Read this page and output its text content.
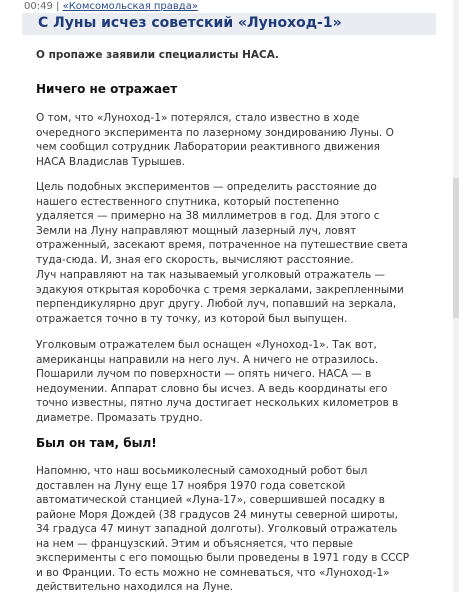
00:49 | «Комсомольская правда»
С Луны исчез советский «Луноход-1»
О пропаже заявили специалисты НАСА.
Ничего не отражает
О том, что «Луноход-1» потерялся, стало известно в ходе
очередного эксперимента по лазерному зондированию Луны. О
чем сообщил сотрудник Лаборатории реактивного движения
НАСА Владислав Турышев.
Цель подобных экспериментов — определить расстояние до
нашего естественного спутника, который постепенно
удаляется — примерно на 38 миллиметров в год. Для этого с
Земли на Луну направляют мощный лазерный луч, ловят
отраженный, засекают время, потраченное на путешествие света
туда-сюда. И, зная его скорость, вычисляют расстояние.
Луч направляют на так называемый уголковый отражатель —
эдакуюя открытая коробочка с тремя зеркалами, закрепленными
перпендикулярно друг другу. Любой луч, попавший на зеркала,
отражается точно в ту точку, из которой был выпущен.
Уголковым отражателем был оснащен «Луноход-1». Так вот,
американцы направили на него луч. А ничего не отразилось.
Пошарили лучом по поверхности — опять ничего. НАСА — в
недоумении. Аппарат словно бы исчез. А ведь координаты его
точно известны, пятно луча достигает нескольких километров в
диаметре. Промазать трудно.
Был он там, был!
Напомню, что наш восьмиколесный самоходный робот был
доставлен на Луну еще 17 ноября 1970 года советской
автоматической станцией «Луна-17», совершившей посадку в
районе Моря Дождей (38 градусов 24 минуты северной широты,
34 градуса 47 минут западной долготы). Уголковый отражатель
на нем — французский. Этим и объясняется, что первые
эксперименты с его помощью были проведены в 1971 году в СССР
и во Франции. То есть можно не сомневаться, что «Луноход-1»
действительно находился на Луне.
